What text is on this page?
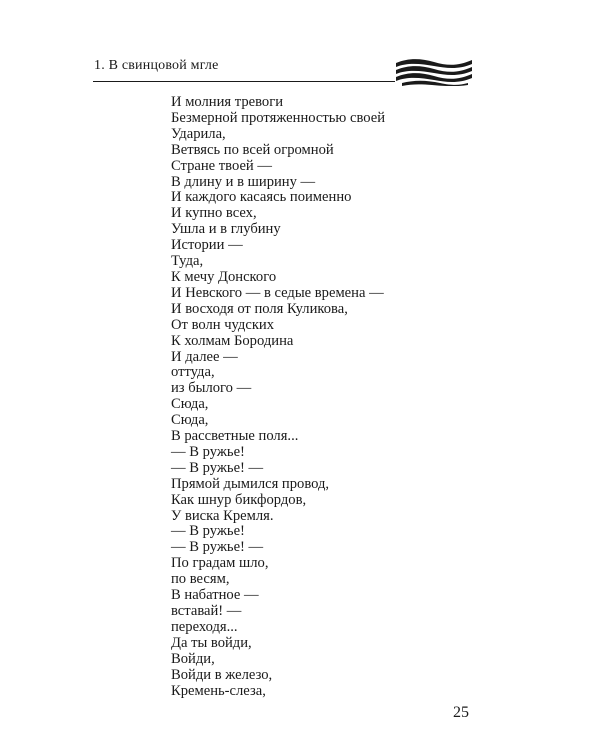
1. В свинцовой мгле
И молния тревоги
Безмерной протяженностью своей
Ударила,
Ветвясь по всей огромной
Стране твоей —
В длину и в ширину —
И каждого касаясь поименно
И купно всех,
Ушла и в глубину
Истории —
Туда,
К мечу Донского
И Невского — в седые времена —
И восходя от поля Куликова,
От волн чудских
К холмам Бородина
И далее —
оттуда,
из былого —
Сюда,
Сюда,
В рассветные поля...
— В ружье!
— В ружье! —
Прямой дымился провод,
Как шнур бикфордов,
У виска Кремля.
— В ружье!
— В ружье! —
По градам шло,
по весям,
В набатное —
вставай! —
переходя...
Да ты войди,
Войди,
Войди в железо,
Кремень-слеза,
25
